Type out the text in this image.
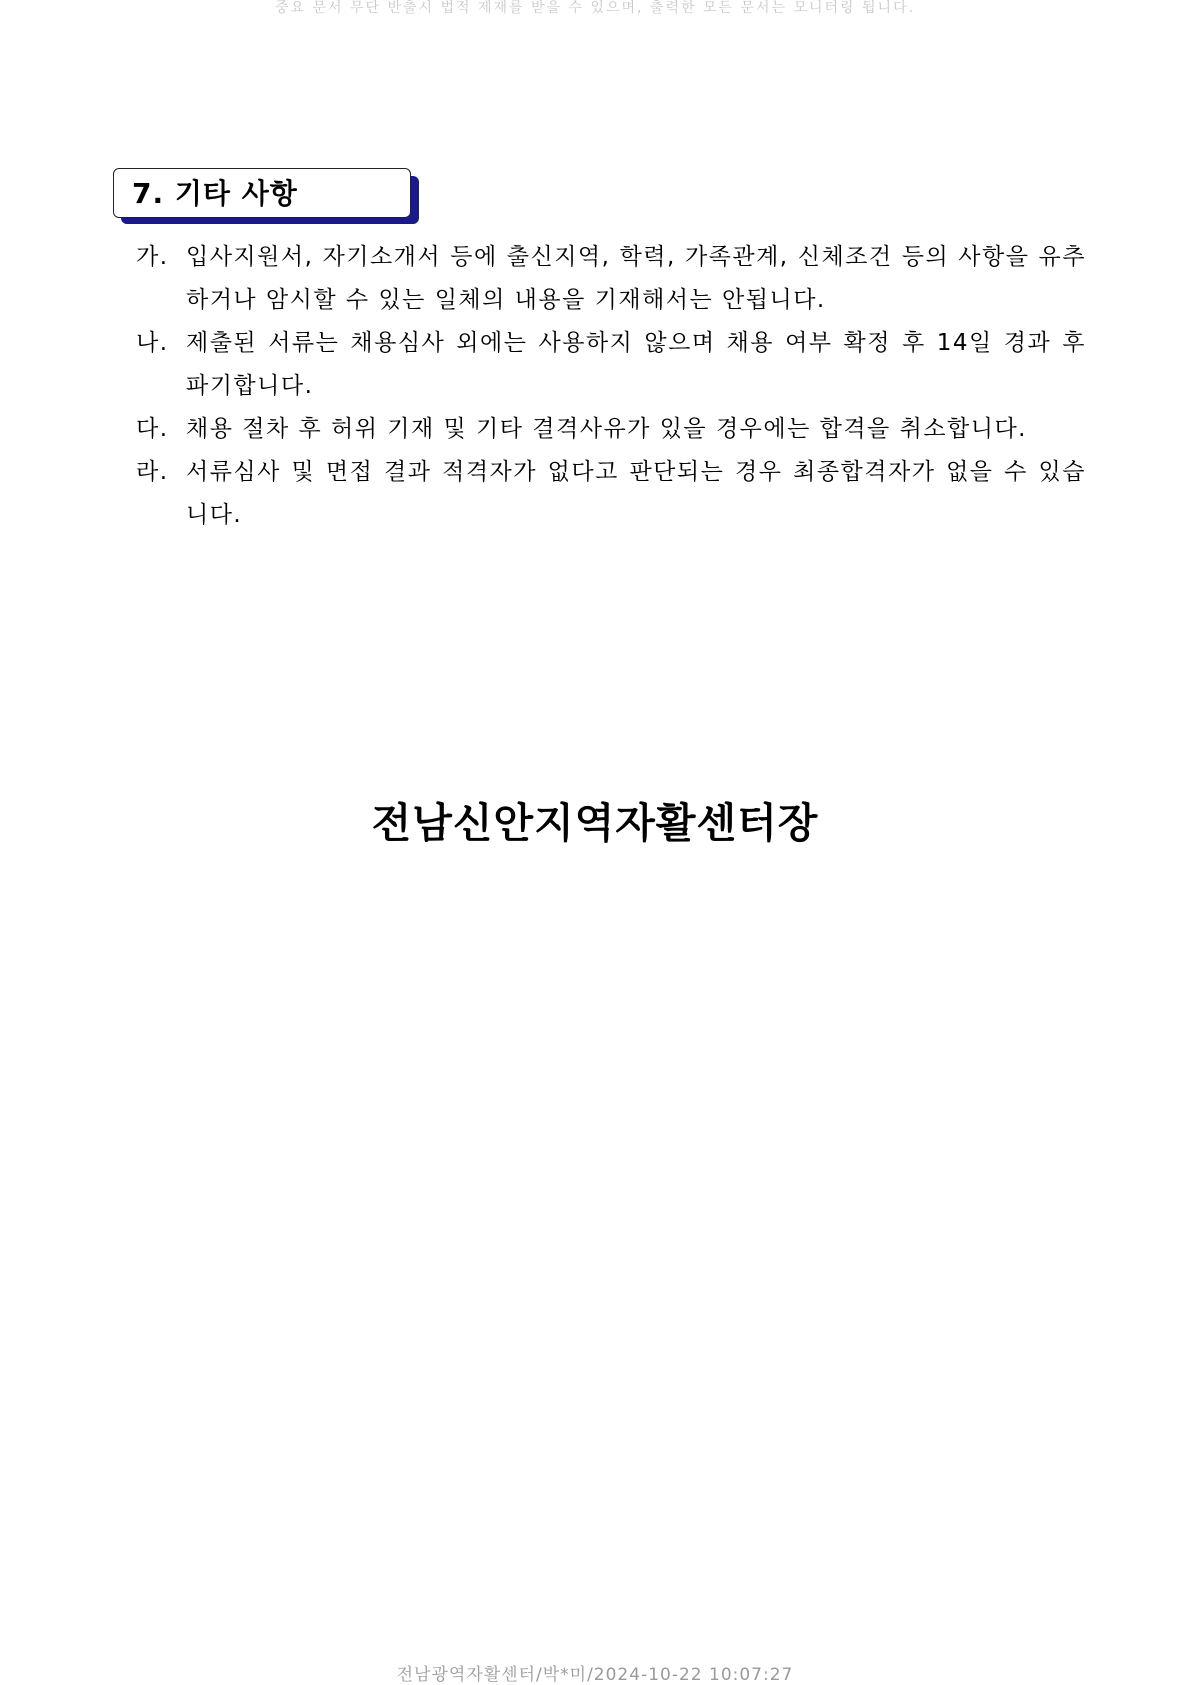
중요 문서 무단 반출시 법적 제재를 받을 수 있으며, 출력한 모든 문서는 모니터링 됩니다.
7. 기타 사항
가. 입사지원서, 자기소개서 등에 출신지역, 학력, 가족관계, 신체조건 등의 사항을 유추하거나 암시할 수 있는 일체의 내용을 기재해서는 안됩니다.
나. 제출된 서류는 채용심사 외에는 사용하지 않으며 채용 여부 확정 후 14일 경과 후 파기합니다.
다. 채용 절차 후 허위 기재 및 기타 결격사유가 있을 경우에는 합격을 취소합니다.
라. 서류심사 및 면접 결과 적격자가 없다고 판단되는 경우 최종합격자가 없을 수 있습니다.
전남신안지역자활센터장
전남광역자활센터/박*미/2024-10-22 10:07:27
